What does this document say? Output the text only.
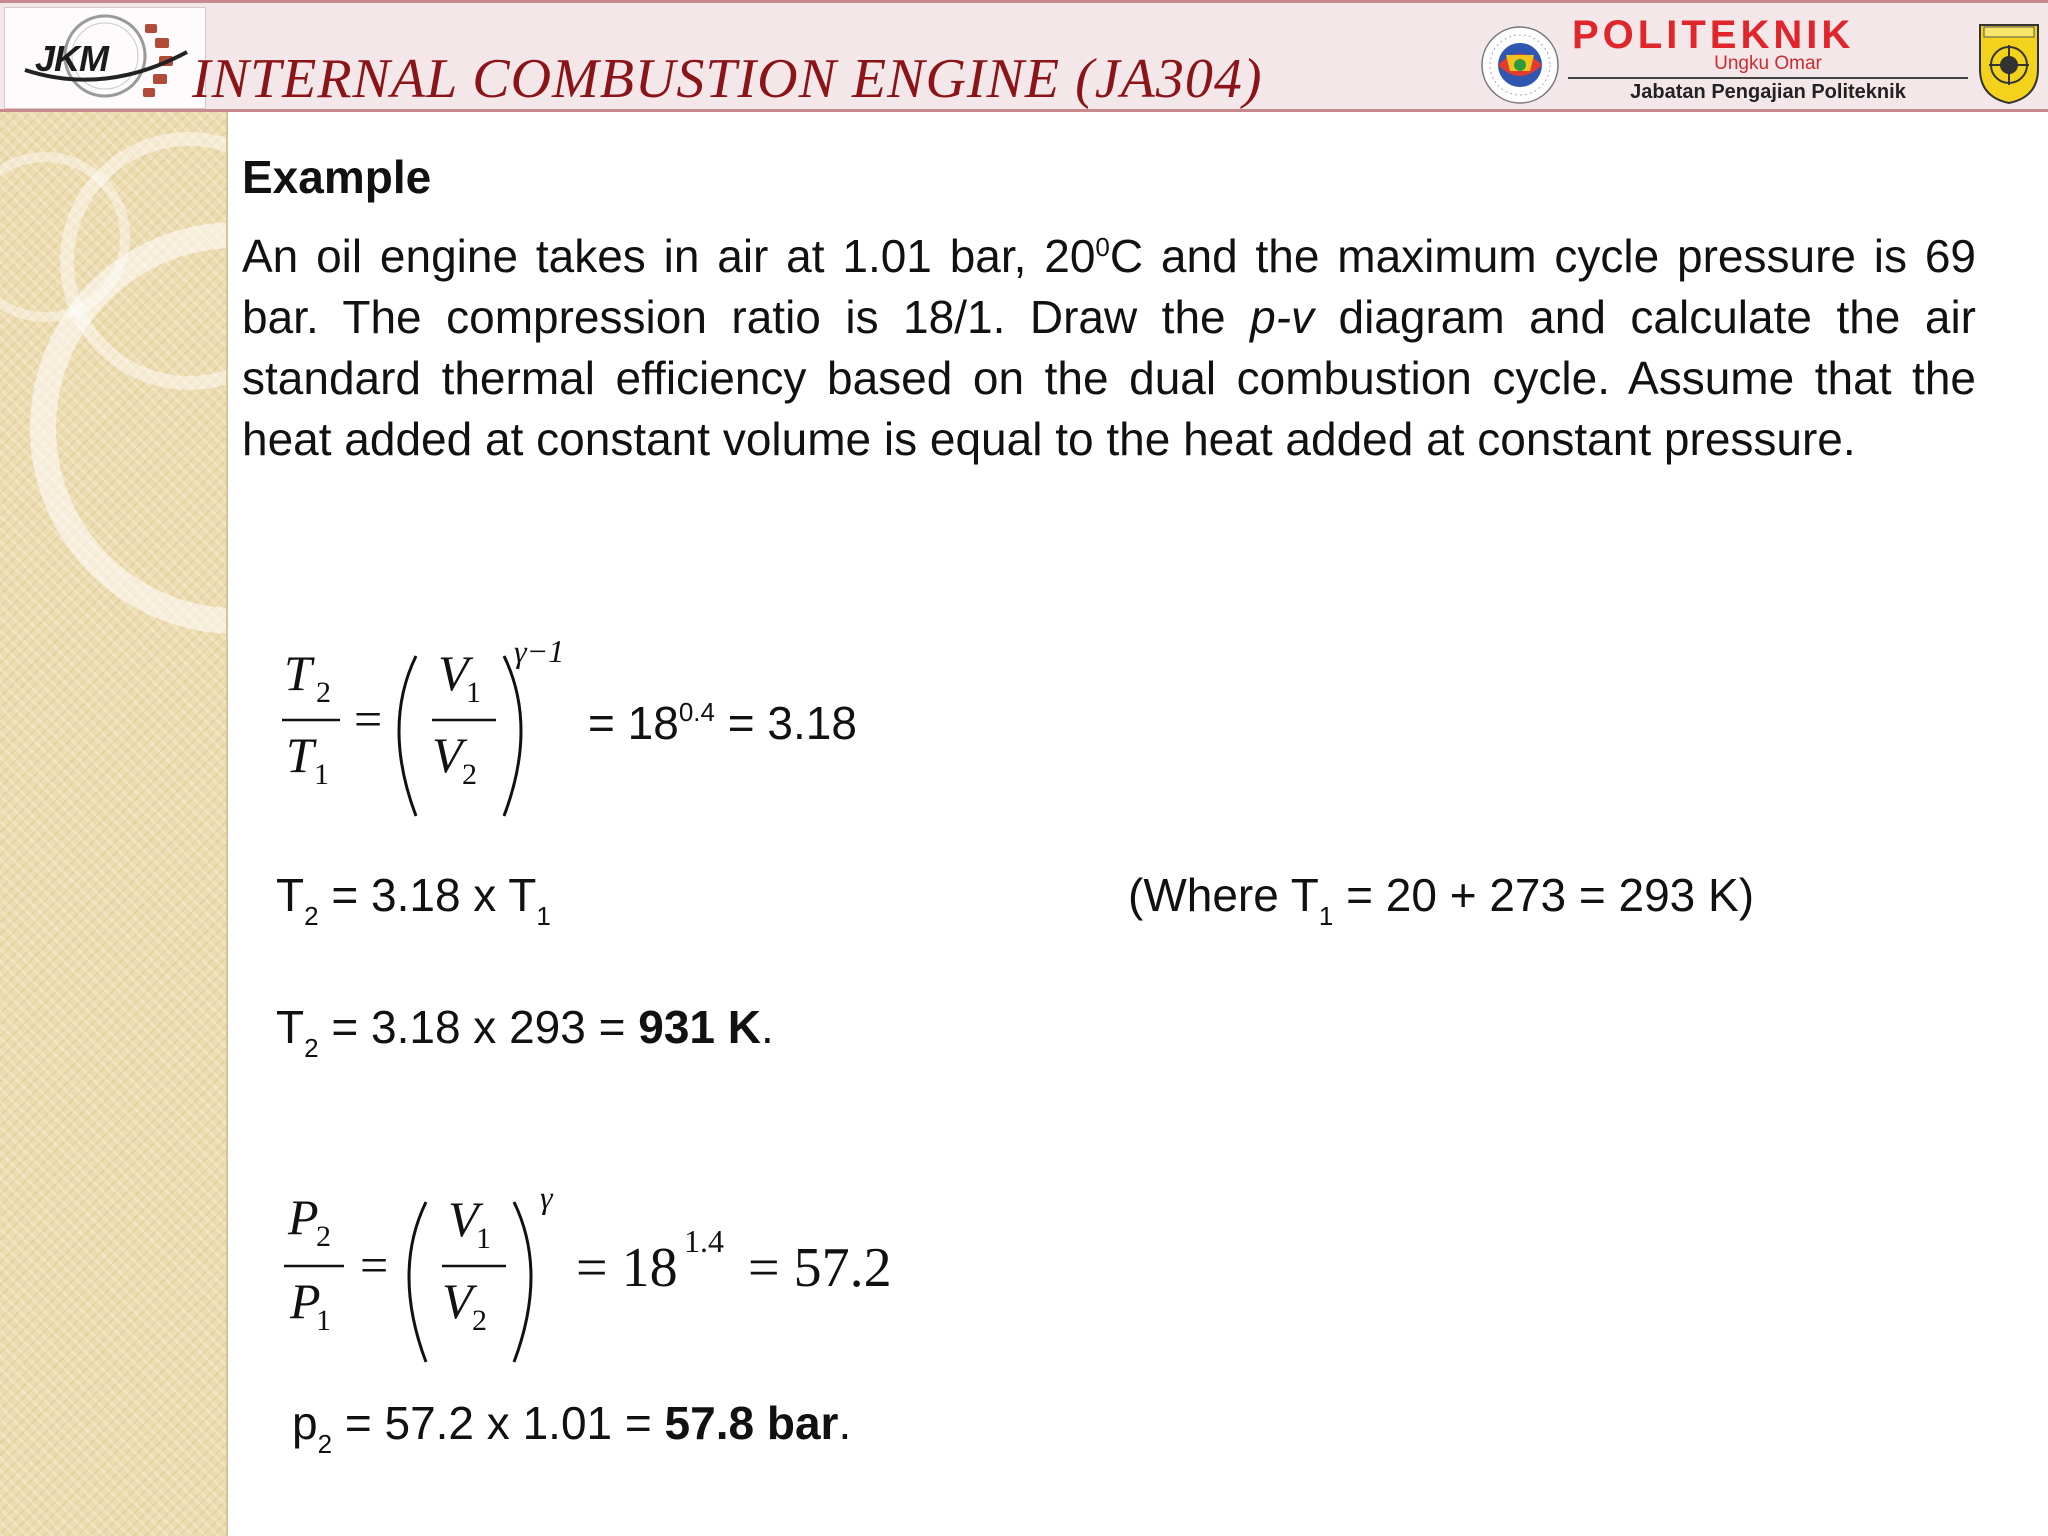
JKM INTERNAL COMBUSTION ENGINE (JA304)
POLITEKNIK
Ungku Omar
Jabatan Pengajian Politeknik
Example
An oil engine takes in air at 1.01 bar, $20^0C$ and the maximum cycle pressure is 69 bar. The compression ratio is 18/1. Draw the p-v diagram and calculate the air standard thermal efficiency based on the dual combustion cycle. Assume that the heat added at constant volume is equal to the heat added at constant pressure.
T 2
T 1
=
V
1
V 2
γ−1
= $18^{0.4} = 3.18$
$T_2 = 3.18$ x $T_1$	(Where $T_1 = 20 + 273 = 293$ K)
$T_2 = 3.18$ x 293 = 931 K.
P
2
P
1
=
V
1
V 2
γ
= 18 1.4 = 57.2
$p_2 = 57.2$ x 1.01 = 57.8 bar.
